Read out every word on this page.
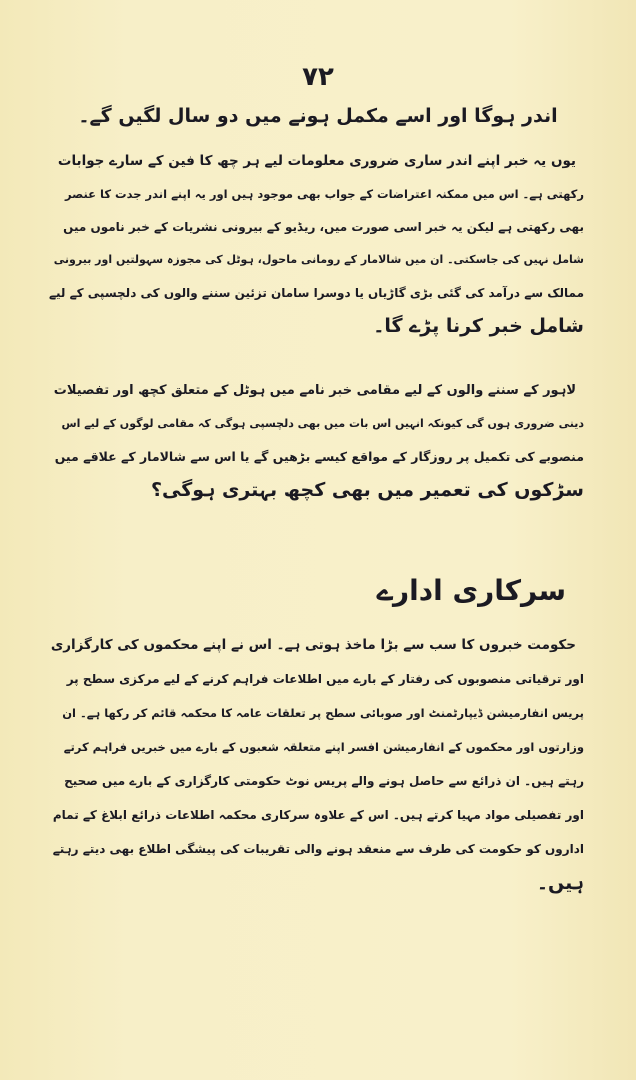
۷۲
اندر ہوگا اور اسے مکمل ہونے میں دو سال لگیں گے۔
یوں یہ خبر اپنے اندر ساری ضروری معلومات لیے ہر چھ کا فین کے سارے جوابات
رکھتی ہے۔ اس میں ممکنہ اعتراضات کے جواب بھی موجود ہیں اور یہ اپنے اندر جدت کا عنصر
بھی رکھتی ہے لیکن یہ خبر اسی صورت میں، ریڈیو کے بیرونی نشریات کے خبر ناموں میں
شامل نہیں کی جاسکتی۔ ان میں شالامار کے رومانی ماحول، ہوٹل کی مجوزہ سہولتیں اور بیرونی
ممالک سے درآمد کی گئی بڑی گاڑیاں یا دوسرا سامان تزئین سننے والوں کی دلچسپی کے لیے
شامل خبر کرنا پڑے گا۔
لاہور کے سننے والوں کے لیے مقامی خبر نامے میں ہوٹل کے متعلق کچھ اور تفصیلات
دینی ضروری ہوں گی کیونکہ انہیں اس بات میں بھی دلچسپی ہوگی کہ مقامی لوگوں کے لیے اس
منصوبے کی تکمیل پر روزگار کے مواقع کیسے بڑھیں گے یا اس سے شالامار کے علاقے میں
سڑکوں کی تعمیر میں بھی کچھ بہتری ہوگی؟
سرکاری ادارے
حکومت خبروں کا سب سے بڑا ماخذ ہوتی ہے۔ اس نے اپنے محکموں کی کارگزاری
اور ترقیاتی منصوبوں کی رفتار کے بارے میں اطلاعات فراہم کرنے کے لیے مرکزی سطح پر
پریس انفارمیشن ڈیپارٹمنٹ اور صوبائی سطح پر تعلقات عامہ کا محکمہ قائم کر رکھا ہے۔ ان
وزارتوں اور محکموں کے انفارمیشن افسر اپنے متعلقہ شعبوں کے بارے میں خبریں فراہم کرتے
رہتے ہیں۔ ان ذرائع سے حاصل ہونے والے پریس نوٹ حکومتی کارگزاری کے بارے میں صحیح
اور تفصیلی مواد مہیا کرتے ہیں۔ اس کے علاوہ سرکاری محکمہ اطلاعات ذرائع ابلاغ کے تمام
اداروں کو حکومت کی طرف سے منعقد ہونے والی تقریبات کی پیشگی اطلاع بھی دیتے رہتے
ہیں۔
